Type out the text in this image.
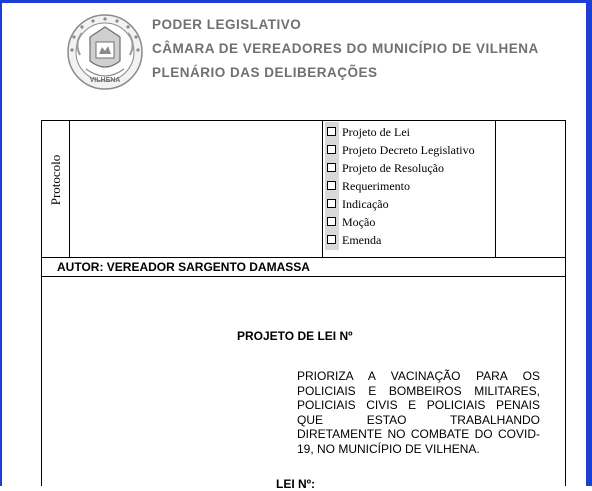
VILHENA
PODER LEGISLATIVO
CÂMARA DE VEREADORES DO MUNICÍPIO DE VILHENA
PLENÁRIO DAS DELIBERAÇÕES
Protocolo
Projeto de Lei
Projeto Decreto Legislativo
Projeto de Resolução
Requerimento
Indicação
Moção
Emenda
AUTOR: VEREADOR SARGENTO DAMASSA
PROJETO DE LEI Nº
PRIORIZA A VACINAÇÃO PARA OS POLICIAIS E BOMBEIROS MILITARES, POLICIAIS CIVIS E POLICIAIS PENAIS QUE ESTAO TRABALHANDO DIRETAMENTE NO COMBATE DO COVID-19, NO MUNICÍPIO DE VILHENA.
LEI Nº:
